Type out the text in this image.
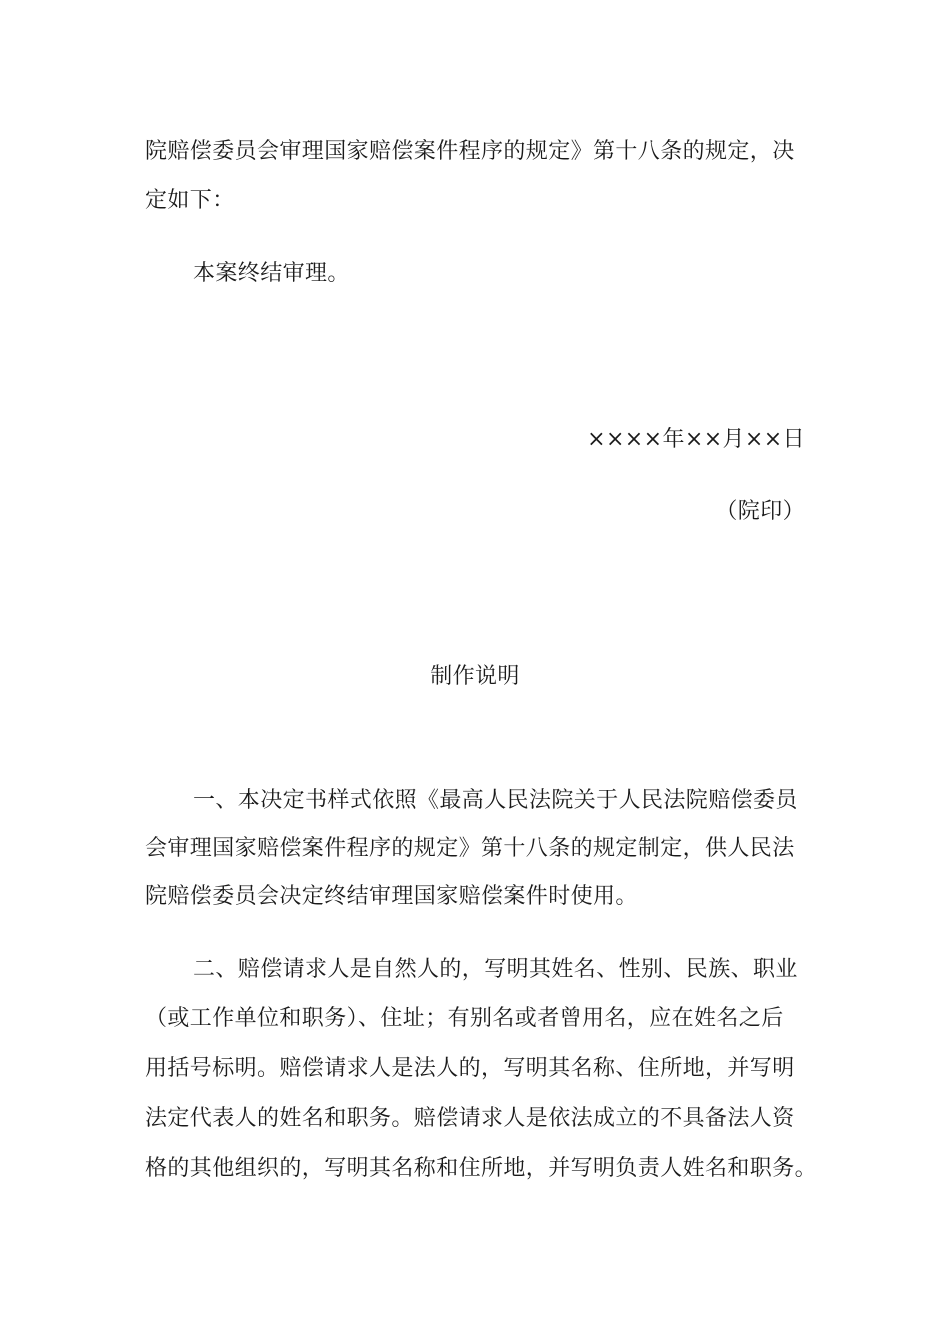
院赔偿委员会审理国家赔偿案件程序的规定》第十八条的规定，决
定如下：
本案终结审理。
××××年××月××日
（院印）
制作说明
一、本决定书样式依照《最高人民法院关于人民法院赔偿委员
会审理国家赔偿案件程序的规定》第十八条的规定制定，供人民法
院赔偿委员会决定终结审理国家赔偿案件时使用。
二、赔偿请求人是自然人的，写明其姓名、性别、民族、职业
（或工作单位和职务）、住址；有别名或者曾用名，应在姓名之后
用括号标明。赔偿请求人是法人的，写明其名称、住所地，并写明
法定代表人的姓名和职务。赔偿请求人是依法成立的不具备法人资
格的其他组织的，写明其名称和住所地，并写明负责人姓名和职务。
